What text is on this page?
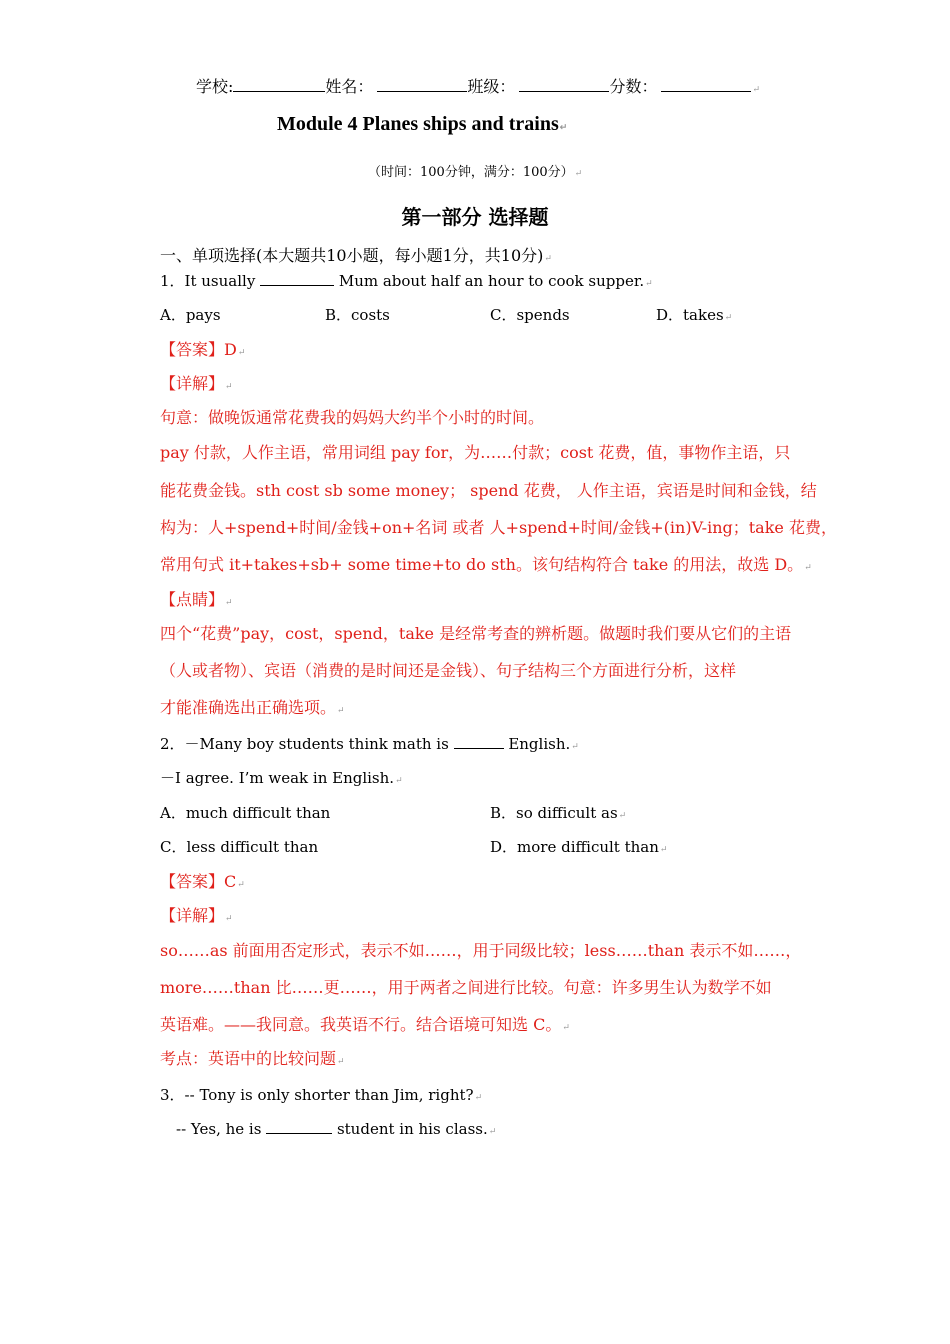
学校:	姓名：	班级：	分数：	↵
Module 4 Planes ships and trains↵
（时间：100分钟，满分：100分）↵
第一部分 选择题
一、单项选择(本大题共10小题，每小题1分，共10分)↵
1．It usually	Mum about half an hour to cook supper.↵
A．pays	B．costs	C．spends	D．takes↵
【答案】D↵
【详解】↵
句意：做晚饭通常花费我的妈妈大约半个小时的时间。
pay 付款，人作主语，常用词组 pay for，为……付款；cost 花费，值，事物作主语，只
能花费金钱。sth cost sb some money； spend 花费， 人作主语，宾语是时间和金钱，结
构为：人+spend+时间/金钱+on+名词 或者 人+spend+时间/金钱+(in)V-ing；take 花费，
常用句式 it+takes+sb+ some time+to do sth。该句结构符合 take 的用法，故选 D。↵
【点睛】↵
四个“花费”pay，cost，spend，take 是经常考查的辨析题。做题时我们要从它们的主语
（人或者物）、宾语（消费的是时间还是金钱）、句子结构三个方面进行分析，这样
才能准确选出正确选项。↵
2．－Many boy students think math is	English.↵
－I agree. I’m weak in English.↵
A．much difficult than	B．so difficult as↵
C．less difficult than	D．more difficult than↵
【答案】C↵
【详解】↵
so……as 前面用否定形式，表示不如……，用于同级比较；less……than 表示不如……，
more……than 比……更……，用于两者之间进行比较。句意：许多男生认为数学不如
英语难。——我同意。我英语不行。结合语境可知选 C。↵
考点：英语中的比较问题↵
3．-- Tony is only shorter than Jim, right?↵
-- Yes, he is	student in his class.↵
